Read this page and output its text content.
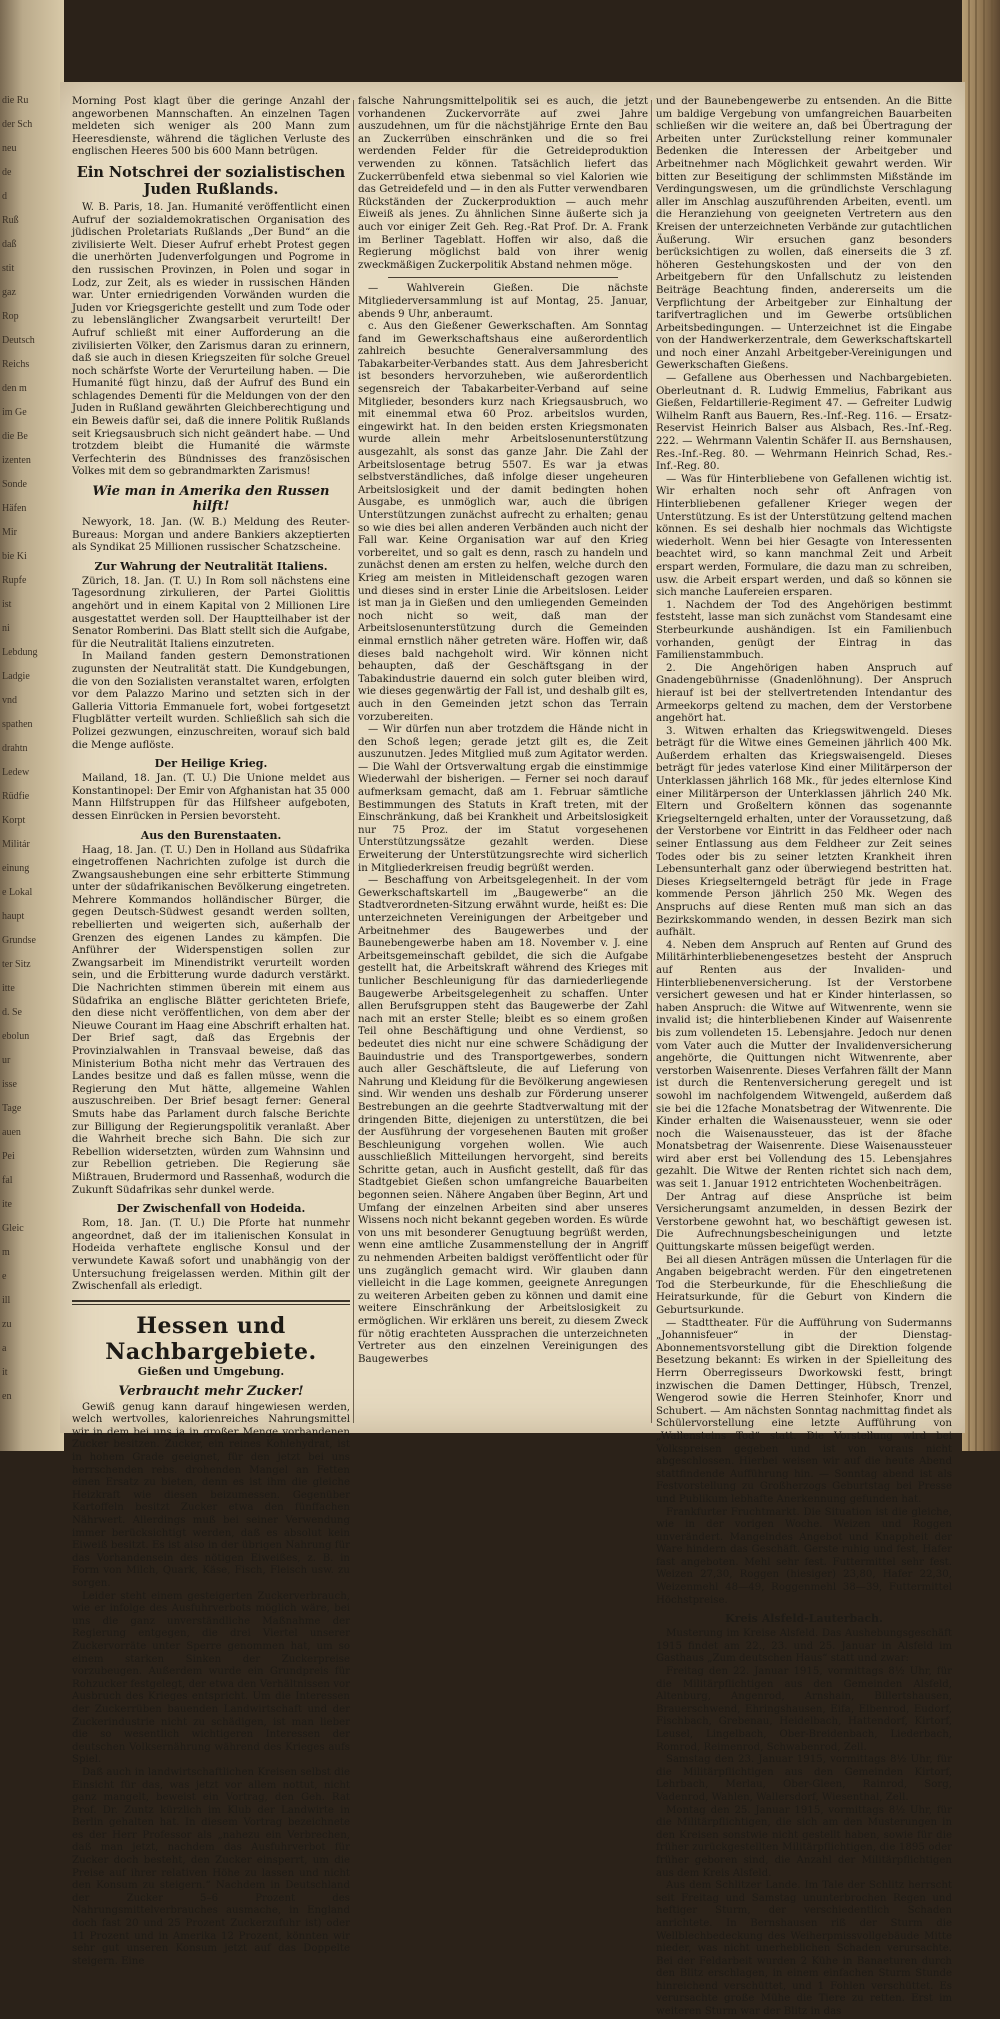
die Ru
der Sch
neu
de
d
Ruß
daß
stit
gaz
Rop
Deutsch
Reichs
den m
im Ge
die Be
izenten
Sonde
Häfen
Mir
bie Ki
Rupfe
ist
ni
Lebdung
Ladgie
vnd
spathen
drahtn
Ledew
Rüdfie
Korpt
Militár
einung
e Lokal
haupt
Grundse
ter Sitz
itte
d. Se
ebolun
ur
isse
Tage
auen
Pei
fal
ite
Gleic
m
e
ill
zu
a
it
en

Morning Post klagt über die geringe Anzahl der angeworbenen Mannschaften. An einzelnen Tagen meldeten sich weniger als 200 Mann zum Heeresdienste, während die täglichen Verluste des englischen Heeres 500 bis 600 Mann betrügen.

Ein Notschrei der sozialistischen Juden Rußlands.

W. B. Paris, 18. Jan. Humanité veröffentlicht einen Aufruf der sozialdemokratischen Organisation des jüdischen Proletariats Rußlands „Der Bund“ an die zivilisierte Welt. Dieser Aufruf erhebt Protest gegen die unerhörten Judenverfolgungen und Pogrome in den russischen Provinzen, in Polen und sogar in Lodz, zur Zeit, als es wieder in russischen Händen war. Unter erniedrigenden Vorwänden wurden die Juden vor Kriegsgerichte gestellt und zum Tode oder zu lebenslänglicher Zwangsarbeit verurteilt! Der Aufruf schließt mit einer Aufforderung an die zivilisierten Völker, den Zarismus daran zu erinnern, daß sie auch in diesen Kriegszeiten für solche Greuel noch schärfste Worte der Verurteilung haben. — Die Humanité fügt hinzu, daß der Aufruf des Bund ein schlagendes Dementi für die Meldungen von der den Juden in Rußland gewährten Gleichberechtigung und ein Beweis dafür sei, daß die innere Politik Rußlands seit Kriegsausbruch sich nicht geändert habe. — Und trotzdem bleibt die Humanité die wärmste Verfechterin des Bündnisses des französischen Volkes mit dem so gebrandmarkten Zarismus!

Wie man in Amerika den Russen hilft!

Newyork, 18. Jan. (W. B.) Meldung des Reuter-Bureaus: Morgan und andere Bankiers akzeptierten als Syndikat 25 Millionen russischer Schatzscheine.

Zur Wahrung der Neutralität Italiens.

Zürich, 18. Jan. (T. U.) In Rom soll nächstens eine Tagesordnung zirkulieren, der Partei Giolittis angehört und in einem Kapital von 2 Millionen Lire ausgestattet werden soll. Der Hauptteilhaber ist der Senator Romberini. Das Blatt stellt sich die Aufgabe, für die Neutralität Italiens einzutreten.

In Mailand fanden gestern Demonstrationen zugunsten der Neutralität statt. Die Kundgebungen, die von den Sozialisten veranstaltet waren, erfolgten vor dem Palazzo Marino und setzten sich in der Galleria Vittoria Emmanuele fort, wobei fortgesetzt Flugblätter verteilt wurden. Schließlich sah sich die Polizei gezwungen, einzuschreiten, worauf sich bald die Menge auflöste.

Der Heilige Krieg.

Mailand, 18. Jan. (T. U.) Die Unione meldet aus Konstantinopel: Der Emir von Afghanistan hat 35 000 Mann Hilfstruppen für das Hilfsheer aufgeboten, dessen Einrücken in Persien bevorsteht.

Aus den Burenstaaten.

Haag, 18. Jan. (T. U.) Den in Holland aus Südafrika eingetroffenen Nachrichten zufolge ist durch die Zwangsaushebungen eine sehr erbitterte Stimmung unter der südafrikanischen Bevölkerung eingetreten. Mehrere Kommandos holländischer Bürger, die gegen Deutsch-Südwest gesandt werden sollten, rebellierten und weigerten sich, außerhalb der Grenzen des eigenen Landes zu kämpfen. Die Anführer der Widerspenstigen sollen zur Zwangsarbeit im Minendistrikt verurteilt worden sein, und die Erbitterung wurde dadurch verstärkt. Die Nachrichten stimmen überein mit einem aus Südafrika an englische Blätter gerichteten Briefe, den diese nicht veröffentlichen, von dem aber der Nieuwe Courant im Haag eine Abschrift erhalten hat. Der Brief sagt, daß das Ergebnis der Provinzialwahlen in Transvaal beweise, daß das Ministerium Botha nicht mehr das Vertrauen des Landes besitze und daß es fallen müsse, wenn die Regierung den Mut hätte, allgemeine Wahlen auszuschreiben. Der Brief besagt ferner: General Smuts habe das Parlament durch falsche Berichte zur Billigung der Regierungspolitik veranlaßt. Aber die Wahrheit breche sich Bahn. Die sich zur Rebellion widersetzten, würden zum Wahnsinn und zur Rebellion getrieben. Die Regierung säe Mißtrauen, Brudermord und Rassenhaß, wodurch die Zukunft Südafrikas sehr dunkel werde.

Der Zwischenfall von Hodeida.

Rom, 18. Jan. (T. U.) Die Pforte hat nunmehr angeordnet, daß der im italienischen Konsulat in Hodeida verhaftete englische Konsul und der verwundete Kawaß sofort und unabhängig von der Untersuchung freigelassen werden. Mithin gilt der Zwischenfall als erledigt.

Hessen und Nachbargebiete.
Gießen und Umgebung.
Verbraucht mehr Zucker!

Gewiß genug kann darauf hingewiesen werden, welch wertvolles, kalorienreiches Nahrungsmittel wir in dem bei uns ja in großer Menge vorhandenen Zucker besitzen. Zucker, ein reines Kohlehydrat, ist in hohem Grade geeignet, für den jetzt bei uns herrschenden rebs. drohenden Mangel an Fetten einen Ersatz zu bieten, denn es ist ihm die gleiche Heizkraft wie diesen beizumessen. Gegenüber Kartoffeln besitzt Zucker etwa den fünffachen Nährwert. Allerdings muß bei seiner Verwendung immer berücksichtigt werden, daß es absolut kein Eiweiß besitzt. Es ist also in der übrigen Nahrung für das Vorhandensein des nötigen Eiweißes, z. B. in Form von Milch, Quark, Käse, Fisch, Fleisch usw. zu sorgen.

Leider steht einem gesteigerten Zuckerverbrauch, wie er infolge des Ausfuhrverbots möglich wäre, bei uns die ganz unverständliche Maßnahme der Regierung entgegen, die drei Viertel unserer Zuckervorräte unter Sperre genommen hat, um so einem starken Sinken der Zuckerpreise vorzubeugen. Außerdem wurde ein Grundpreis für Rohzucker festgelegt, der etwa den Verhältnissen vor Ausbruch des Krieges entspricht. Um die Interessen der Zuckerrüben bauenden Landwirtschaft und der Zuckerindustrie nicht zu schädigen, ist man lieber die so wesentlich wichtigeren Interessen der deutschen Volksernährung während des Krieges aufs Spiel.

Daß auch in landwirtschaftlichen Kreisen selbst die Einsicht für das, was jetzt vor allem nottut, nicht ganz mangelt, beweist ein Vortrag, den Geh. Rat Prof. Dr. Zuntz kürzlich im Klub der Landwirte in Berlin gehalten hat. In diesem Vortrag bezeichnete es der Herr Professor als „nahezu ein Verbrechen, daß man jetzt, nachdem das Ausfuhrverbot für Zucker doch besteht, den Zucker einsperrt, um die Preise auf ihrer relativen Höhe zu lassen und nicht den Konsum zu steigern.“ Nachdem in Deutschland der Zucker 5–6 Prozent des Nahrungsmittelverbrauches ausmache, in England doch fast 20 und 25 Prozent Zuckerzufuhr ist) oder 11 Prozent und in Amerika 12 Prozent, könnten wir sehr gut unseren Konsum jetzt auf das Doppelte steigern. Eine

falsche Nahrungsmittelpolitik sei es auch, die jetzt vorhandenen Zuckervorräte auf zwei Jahre auszudehnen, um für die nächstjährige Ernte den Bau an Zuckerrüben einschränken und die so frei werdenden Felder für die Getreideproduktion verwenden zu können. Tatsächlich liefert das Zuckerrübenfeld etwa siebenmal so viel Kalorien wie das Getreidefeld und — in den als Futter verwendbaren Rückständen der Zuckerproduktion — auch mehr Eiweiß als jenes. Zu ähnlichen Sinne äußerte sich ja auch vor einiger Zeit Geh. Reg.-Rat Prof. Dr. A. Frank im Berliner Tageblatt. Hoffen wir also, daß die Regierung möglichst bald von ihrer wenig zweckmäßigen Zuckerpolitik Abstand nehmen möge.

— Wahlverein Gießen. Die nächste Mitgliederversammlung ist auf Montag, 25. Januar, abends 9 Uhr, anberaumt.

c. Aus den Gießener Gewerkschaften. Am Sonntag fand im Gewerkschaftshaus eine außerordentlich zahlreich besuchte Generalversammlung des Tabakarbeiter-Verbandes statt. Aus dem Jahresbericht ist besonders hervorzuheben, wie außerordentlich segensreich der Tabakarbeiter-Verband auf seine Mitglieder, besonders kurz nach Kriegsausbruch, wo mit einemmal etwa 60 Proz. arbeitslos wurden, eingewirkt hat. In den beiden ersten Kriegsmonaten wurde allein mehr Arbeitslosenunterstützung ausgezahlt, als sonst das ganze Jahr. Die Zahl der Arbeitslosentage betrug 5507. Es war ja etwas selbstverständliches, daß infolge dieser ungeheuren Arbeitslosigkeit und der damit bedingten hohen Ausgabe, es unmöglich war, auch die übrigen Unterstützungen zunächst aufrecht zu erhalten; genau so wie dies bei allen anderen Verbänden auch nicht der Fall war. Keine Organisation war auf den Krieg vorbereitet, und so galt es denn, rasch zu handeln und zunächst denen am ersten zu helfen, welche durch den Krieg am meisten in Mitleidenschaft gezogen waren und dieses sind in erster Linie die Arbeitslosen. Leider ist man ja in Gießen und den umliegenden Gemeinden noch nicht so weit, daß man der Arbeitslosenunterstützung durch die Gemeinden einmal ernstlich näher getreten wäre. Hoffen wir, daß dieses bald nachgeholt wird. Wir können nicht behaupten, daß der Geschäftsgang in der Tabakindustrie dauernd ein solch guter bleiben wird, wie dieses gegenwärtig der Fall ist, und deshalb gilt es, auch in den Gemeinden jetzt schon das Terrain vorzubereiten.

— Wir dürfen nun aber trotzdem die Hände nicht in den Schoß legen; gerade jetzt gilt es, die Zeit auszunutzen. Jedes Mitglied muß zum Agitator werden. — Die Wahl der Ortsverwaltung ergab die einstimmige Wiederwahl der bisherigen. — Ferner sei noch darauf aufmerksam gemacht, daß am 1. Februar sämtliche Bestimmungen des Statuts in Kraft treten, mit der Einschränkung, daß bei Krankheit und Arbeitslosigkeit nur 75 Proz. der im Statut vorgesehenen Unterstützungssätze gezahlt werden. Diese Erweiterung der Unterstützungsrechte wird sicherlich in Mitgliederkreisen freudig begrüßt werden.

— Beschaffung von Arbeitsgelegenheit. In der vom Gewerkschaftskartell im „Baugewerbe“ an die Stadtverordneten-Sitzung erwähnt wurde, heißt es: Die unterzeichneten Vereinigungen der Arbeitgeber und Arbeitnehmer des Baugewerbes und der Baunebengewerbe haben am 18. November v. J. eine Arbeitsgemeinschaft gebildet, die sich die Aufgabe gestellt hat, die Arbeitskraft während des Krieges mit tunlicher Beschleunigung für das darniederliegende Baugewerbe Arbeitsgelegenheit zu schaffen. Unter allen Berufsgruppen steht das Baugewerbe der Zahl nach mit an erster Stelle; bleibt es so einem großen Teil ohne Beschäftigung und ohne Verdienst, so bedeutet dies nicht nur eine schwere Schädigung der Bauindustrie und des Transportgewerbes, sondern auch aller Geschäftsleute, die auf Lieferung von Nahrung und Kleidung für die Bevölkerung angewiesen sind. Wir wenden uns deshalb zur Förderung unserer Bestrebungen an die geehrte Stadtverwaltung mit der dringenden Bitte, diejenigen zu unterstützen, die bei der Ausführung der vorgesehenen Bauten mit großer Beschleunigung vorgehen wollen. Wie auch ausschließlich Mitteilungen hervorgeht, sind bereits Schritte getan, auch in Ausficht gestellt, daß für das Stadtgebiet Gießen schon umfangreiche Bauarbeiten begonnen seien. Nähere Angaben über Beginn, Art und Umfang der einzelnen Arbeiten sind aber unseres Wissens noch nicht bekannt gegeben worden. Es würde von uns mit besonderer Genugtuung begrüßt werden, wenn eine amtliche Zusammenstellung der in Angriff zu nehmenden Arbeiten baldigst veröffentlicht oder für uns zugänglich gemacht wird. Wir glauben dann vielleicht in die Lage kommen, geeignete Anregungen zu weiteren Arbeiten geben zu können und damit eine weitere Einschränkung der Arbeitslosigkeit zu ermöglichen. Wir erklären uns bereit, zu diesem Zweck für nötig erachteten Aussprachen die unterzeichneten Vertreter aus den einzelnen Vereinigungen des Baugewerbes

und der Baunebengewerbe zu entsenden. An die Bitte um baldige Vergebung von umfangreichen Bauarbeiten schließen wir die weitere an, daß bei Übertragung der Arbeiten unter Zurückstellung reiner kommunaler Bedenken die Interessen der Arbeitgeber und Arbeitnehmer nach Möglichkeit gewahrt werden. Wir bitten zur Beseitigung der schlimmsten Mißstände im Verdingungswesen, um die gründlichste Verschlagung aller im Anschlag auszuführenden Arbeiten, eventl. um die Heranziehung von geeigneten Vertretern aus den Kreisen der unterzeichneten Verbände zur gutachtlichen Äußerung. Wir ersuchen ganz besonders berücksichtigen zu wollen, daß einerseits die 3 zf. höheren Gestehungskosten und der von den Arbeitgebern für den Unfallschutz zu leistenden Beiträge Beachtung finden, andererseits um die Verpflichtung der Arbeitgeber zur Einhaltung der tarifvertraglichen und im Gewerbe ortsüblichen Arbeitsbedingungen. — Unterzeichnet ist die Eingabe von der Handwerkerzentrale, dem Gewerkschaftskartell und noch einer Anzahl Arbeitgeber-Vereinigungen und Gewerkschaften Gießens.

— Gefallene aus Oberhessen und Nachbargebieten. Oberleutnant d. R. Ludwig Emmelius, Fabrikant aus Gießen, Feldartillerie-Regiment 47. — Gefreiter Ludwig Wilhelm Ranft aus Bauern, Res.-Inf.-Reg. 116. — Ersatz-Reservist Heinrich Balser aus Alsbach, Res.-Inf.-Reg. 222. — Wehrmann Valentin Schäfer II. aus Bernshausen, Res.-Inf.-Reg. 80. — Wehrmann Heinrich Schad, Res.-Inf.-Reg. 80.

— Was für Hinterbliebene von Gefallenen wichtig ist. Wir erhalten noch sehr oft Anfragen von Hinterbliebenen gefallener Krieger wegen der Unterstützung. Es ist der Unterstützung geltend machen können. Es sei deshalb hier nochmals das Wichtigste wiederholt. Wenn bei hier Gesagte von Interessenten beachtet wird, so kann manchmal Zeit und Arbeit erspart werden, Formulare, die dazu man zu schreiben, usw. die Arbeit erspart werden, und daß so können sie sich manche Laufereien ersparen.

1. Nachdem der Tod des Angehörigen bestimmt feststeht, lasse man sich zunächst vom Standesamt eine Sterbeurkunde aushändigen. Ist ein Familienbuch vorhanden, genügt der Eintrag in das Familienstammbuch.

2. Die Angehörigen haben Anspruch auf Gnadengebührnisse (Gnadenlöhnung). Der Anspruch hierauf ist bei der stellvertretenden Intendantur des Armeekorps geltend zu machen, dem der Verstorbene angehört hat.

3. Witwen erhalten das Kriegswitwengeld. Dieses beträgt für die Witwe eines Gemeinen jährlich 400 Mk. Außerdem erhalten das Kriegswaisengeld. Dieses beträgt für jedes vaterlose Kind einer Militärperson der Unterklassen jährlich 168 Mk., für jedes elternlose Kind einer Militärperson der Unterklassen jährlich 240 Mk. Eltern und Großeltern können das sogenannte Kriegselterngeld erhalten, unter der Voraussetzung, daß der Verstorbene vor Eintritt in das Feldheer oder nach seiner Entlassung aus dem Feldheer zur Zeit seines Todes oder bis zu seiner letzten Krankheit ihren Lebensunterhalt ganz oder überwiegend bestritten hat. Dieses Kriegselterngeld beträgt für jede in Frage kommende Person jährlich 250 Mk. Wegen des Anspruchs auf diese Renten muß man sich an das Bezirkskommando wenden, in dessen Bezirk man sich aufhält.

4. Neben dem Anspruch auf Renten auf Grund des Militärhinterbliebenengesetzes besteht der Anspruch auf Renten aus der Invaliden- und Hinterbliebenenversicherung. Ist der Verstorbene versichert gewesen und hat er Kinder hinterlassen, so haben Anspruch: die Witwe auf Witwenrente, wenn sie invalid ist; die hinterbliebenen Kinder auf Waisenrente bis zum vollendeten 15. Lebensjahre. Jedoch nur denen vom Vater auch die Mutter der Invalidenversicherung angehörte, die Quittungen nicht Witwenrente, aber verstorben Waisenrente. Dieses Verfahren fällt der Mann ist durch die Rentenversicherung geregelt und ist sowohl im nachfolgendem Witwengeld, außerdem daß sie bei die 12fache Monatsbetrag der Witwenrente. Die Kinder erhalten die Waisenaussteuer, wenn sie oder noch die Waisenaussteuer, das ist der 8fache Monatsbetrag der Waisenrente. Diese Waisenaussteuer wird aber erst bei Vollendung des 15. Lebensjahres gezahlt. Die Witwe der Renten richtet sich nach dem, was seit 1. Januar 1912 entrichteten Wochenbeiträgen.

Der Antrag auf diese Ansprüche ist beim Versicherungsamt anzumelden, in dessen Bezirk der Verstorbene gewohnt hat, wo beschäftigt gewesen ist. Die Aufrechnungsbescheinigungen und letzte Quittungskarte müssen beigefügt werden.

Bei all diesen Anträgen müssen die Unterlagen für die Angaben beigebracht werden. Für den eingetretenen Tod die Sterbeurkunde, für die Eheschließung die Heiratsurkunde, für die Geburt von Kindern die Geburtsurkunde.

— Stadttheater. Für die Aufführung von Sudermanns „Johannisfeuer“ in der Dienstag-Abonnementsvorstellung gibt die Direktion folgende Besetzung bekannt: Es wirken in der Spielleitung des Herrn Oberregisseurs Dworkowski festt, bringt inzwischen die Damen Dettinger, Hübsch, Trenzel, Wengerod sowie die Herren Steinhofer, Knorr und Schubert. — Am nächsten Sonntag nachmittag findet als Schülervorstellung eine letzte Aufführung von „Wallensteins Tod“ statt. Die Vorstellung wird bei Volkspreisen gegeben und ist von voraus nicht abgeschlossen. Hierbei weisen wir auf die heute Abend stattfindende Aufführung hin. — Sonntag abend ist als Festvorstellung zu Großherzogs Geburtstag bei Presse und Publikum lebhafte Anerkennung gefunden hat.

Frankfurter Fruchtmarkt. Die Situation ist die gleiche, wie in der vorigen Woche. Weizen und Roggen unverändert. Mangelndes Angebot und Knappheit der Ware hindern das Geschäft. Gerste ruhig und fest, Hafer fast angeboten. Mehl sehr fest. Futtermittel sehr fest. Weizen 27,30, Roggen (hiesiger) 23,80, Hafer 22,30, Weizenmehl 48—49, Roggenmehl 38—39, Futtermittel Höchstpreise.

Kreis Alsfeld-Lauterbach.

Musterung im Kreise Alsfeld. Das Aushebungsgeschäft 1915 findet am 22., 23. und 25. Januar in Alsfeld im Gasthaus „Zum deutschen Haus“ statt und zwar:

Freitag den 22. Januar 1915, vormittags 8½ Uhr, für die Militärpflichtigen aus den Gemeinden Alsfeld, Altenburg, Angenrod, Arnshain, Billertshausen, Brauerschwend, Ehringshausen, Eifa, Elbenrod, Eudorf, Fischbach, Grebenau, Heidelbach, Hattendorf, Kirtorf, Leusel, Lingelbach, Ober-Breidenbach, Liederbach, Romrod, Reimenrod, Schwabenrod, Zell.

Samstag den 23. Januar 1915, vormittags 8½ Uhr, für die Militärpflichtigen aus den Gemeinden Kirtorf, Lehrbach, Merlau, Ober-Gleen, Rainrod, Sorg, Vadenrod, Wahlen, Wallersdorf, Wiesenthal, Zell.

Montag den 25. Januar 1915, vormittags 8½ Uhr, für die Militärpflichtigen, die sich am den Musterungen in den Kreisen sonstwie nicht gestellt haben, sowie für die früher zurückgestellten Militärpflichtigen, die 1895 oder früher geboren sind, die Anzahl der Militärpflichtigen aus dem Kreis Alsfeld.

Aus dem Schlitzer Lande. Im Tale der Schlitz herrscht seit Freitag und Samstag ununterbrochen Regen und heftiger Sturm, der verschiedentlich Schaden anrichtete. In Bernshausen riß der Sturm die Wellblechbedeckung des Weiherpmissvollgebäude Mitte nieder, was nicht unerheblichen Schaden verursachte. Bei der Feldarbeit wurden 2 Kühe in Banaeturen durch den Blitz erschlagen, in einem einfachen Sturm Stunde hinreichend verschüttet, und 1 Fohlen verschüttet. Es verursachte große Mühe die Tiere zu retten. Erst im weiteren Sturm war der Blitz in das
